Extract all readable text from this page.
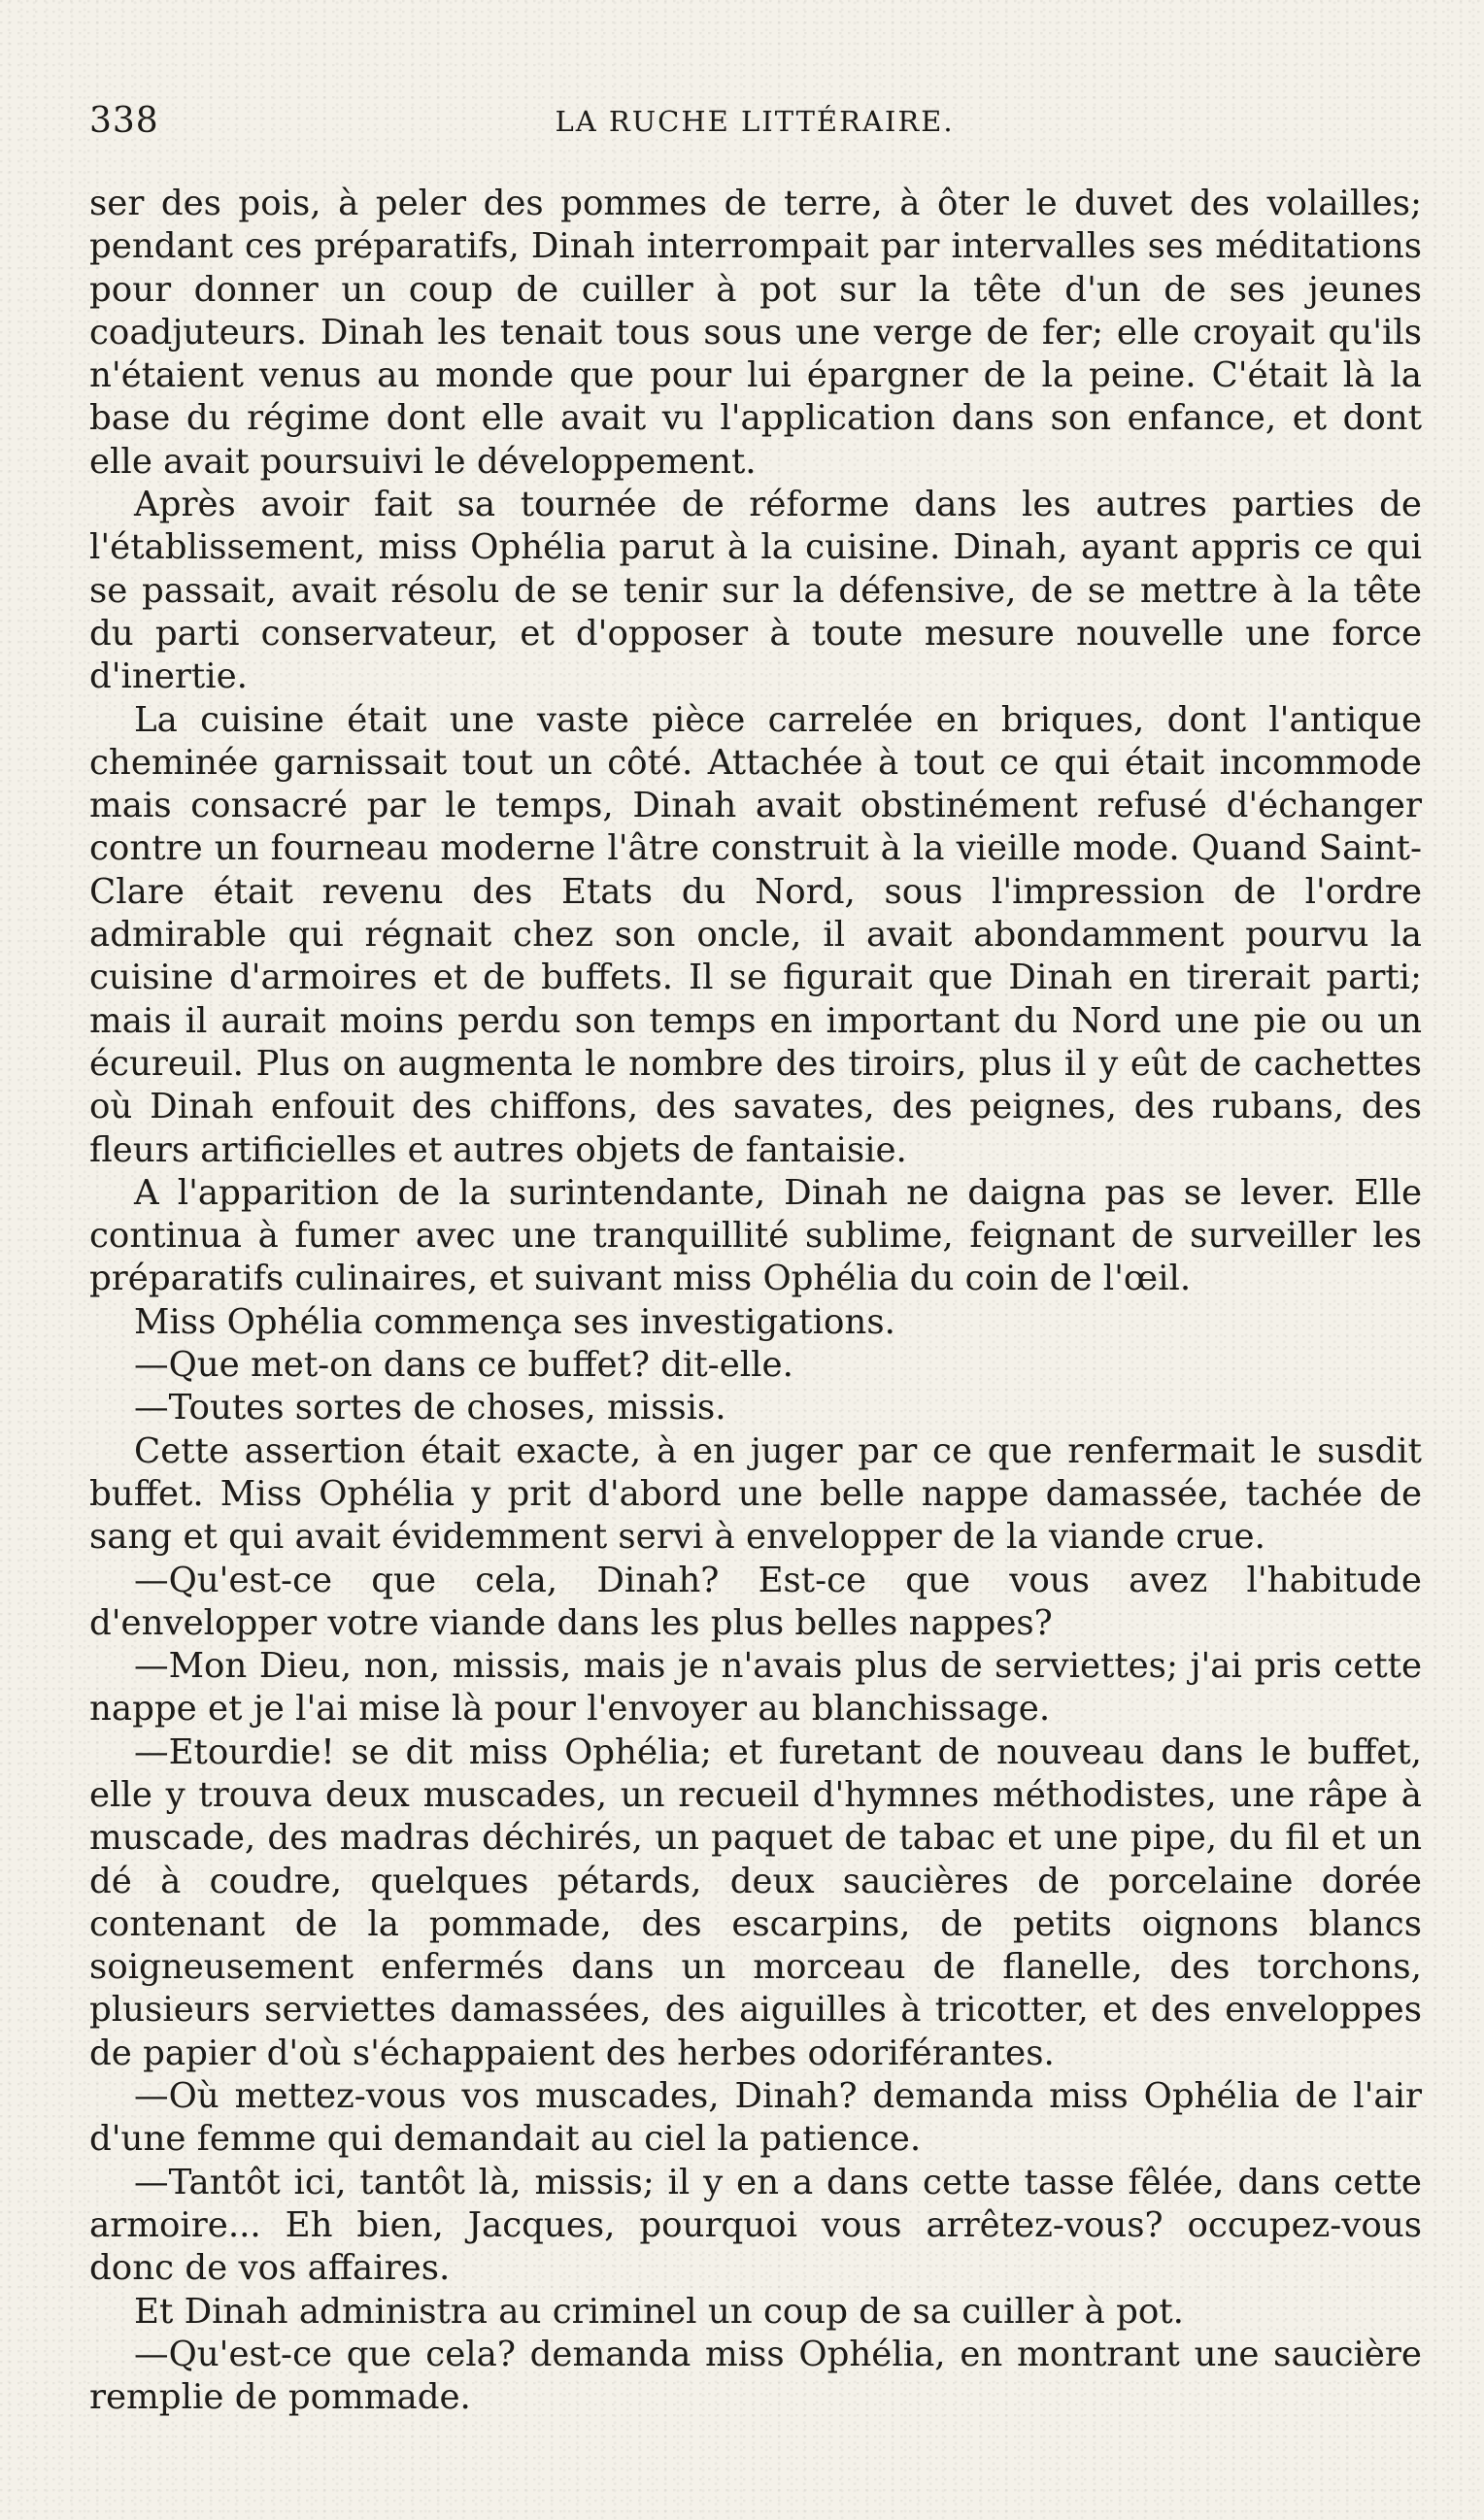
338	LA RUCHE LITTÉRAIRE.

ser des pois, à peler des pommes de terre, à ôter le duvet des volailles; pendant ces préparatifs, Dinah interrompait par intervalles ses méditations pour donner un coup de cuiller à pot sur la tête d'un de ses jeunes coadjuteurs. Dinah les tenait tous sous une verge de fer; elle croyait qu'ils n'étaient venus au monde que pour lui épargner de la peine. C'était là la base du régime dont elle avait vu l'application dans son enfance, et dont elle avait poursuivi le développement.

Après avoir fait sa tournée de réforme dans les autres parties de l'établissement, miss Ophélia parut à la cuisine. Dinah, ayant appris ce qui se passait, avait résolu de se tenir sur la défensive, de se mettre à la tête du parti conservateur, et d'opposer à toute mesure nouvelle une force d'inertie.

La cuisine était une vaste pièce carrelée en briques, dont l'antique cheminée garnissait tout un côté. Attachée à tout ce qui était incommode mais consacré par le temps, Dinah avait obstinément refusé d'échanger contre un fourneau moderne l'âtre construit à la vieille mode. Quand Saint-Clare était revenu des Etats du Nord, sous l'impression de l'ordre admirable qui régnait chez son oncle, il avait abondamment pourvu la cuisine d'armoires et de buffets. Il se figurait que Dinah en tirerait parti; mais il aurait moins perdu son temps en important du Nord une pie ou un écureuil. Plus on augmenta le nombre des tiroirs, plus il y eût de cachettes où Dinah enfouit des chiffons, des savates, des peignes, des rubans, des fleurs artificielles et autres objets de fantaisie.

A l'apparition de la surintendante, Dinah ne daigna pas se lever. Elle continua à fumer avec une tranquillité sublime, feignant de surveiller les préparatifs culinaires, et suivant miss Ophélia du coin de l'œil.

Miss Ophélia commença ses investigations.

—Que met-on dans ce buffet? dit-elle.

—Toutes sortes de choses, missis.

Cette assertion était exacte, à en juger par ce que renfermait le susdit buffet. Miss Ophélia y prit d'abord une belle nappe damassée, tachée de sang et qui avait évidemment servi à envelopper de la viande crue.

—Qu'est-ce que cela, Dinah? Est-ce que vous avez l'habitude d'envelopper votre viande dans les plus belles nappes?

—Mon Dieu, non, missis, mais je n'avais plus de serviettes; j'ai pris cette nappe et je l'ai mise là pour l'envoyer au blanchissage.

—Etourdie! se dit miss Ophélia; et furetant de nouveau dans le buffet, elle y trouva deux muscades, un recueil d'hymnes méthodistes, une râpe à muscade, des madras déchirés, un paquet de tabac et une pipe, du fil et un dé à coudre, quelques pétards, deux saucières de porcelaine dorée contenant de la pommade, des escarpins, de petits oignons blancs soigneusement enfermés dans un morceau de flanelle, des torchons, plusieurs serviettes damassées, des aiguilles à tricotter, et des enveloppes de papier d'où s'échappaient des herbes odoriférantes.

—Où mettez-vous vos muscades, Dinah? demanda miss Ophélia de l'air d'une femme qui demandait au ciel la patience.

—Tantôt ici, tantôt là, missis; il y en a dans cette tasse fêlée, dans cette armoire... Eh bien, Jacques, pourquoi vous arrêtez-vous? occupez-vous donc de vos affaires.

Et Dinah administra au criminel un coup de sa cuiller à pot.

—Qu'est-ce que cela? demanda miss Ophélia, en montrant une saucière remplie de pommade.
